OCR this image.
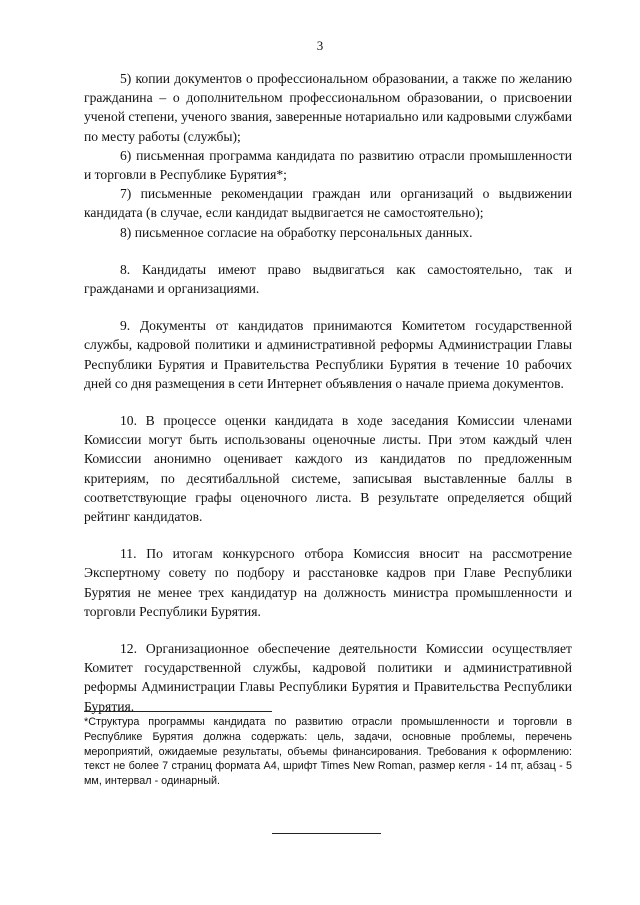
3

5) копии документов о профессиональном образовании, а также по желанию гражданина – о дополнительном профессиональном образовании, о присвоении ученой степени, ученого звания, заверенные нотариально или кадровыми службами по месту работы (службы);

6) письменная программа кандидата по развитию отрасли промышленности и торговли в Республике Бурятия*;

7) письменные рекомендации граждан или организаций о выдвижении кандидата (в случае, если кандидат выдвигается не самостоятельно);

8) письменное согласие на обработку персональных данных.

8. Кандидаты имеют право выдвигаться как самостоятельно, так и гражданами и организациями.

9. Документы от кандидатов принимаются Комитетом государственной службы, кадровой политики и административной реформы Администрации Главы Республики Бурятия и Правительства Республики Бурятия в течение 10 рабочих дней со дня размещения в сети Интернет объявления о начале приема документов.

10. В процессе оценки кандидата в ходе заседания Комиссии членами Комиссии могут быть использованы оценочные листы. При этом каждый член Комиссии анонимно оценивает каждого из кандидатов по предложенным критериям, по десятибалльной системе, записывая выставленные баллы в соответствующие графы оценочного листа. В результате определяется общий рейтинг кандидатов.

11. По итогам конкурсного отбора Комиссия вносит на рассмотрение Экспертному совету по подбору и расстановке кадров при Главе Республики Бурятия не менее трех кандидатур на должность министра промышленности и торговли Республики Бурятия.

12. Организационное обеспечение деятельности Комиссии осуществляет Комитет государственной службы, кадровой политики и административной реформы Администрации Главы Республики Бурятия и Правительства Республики Бурятия.

*Структура программы кандидата по развитию отрасли промышленности и торговли в Республике Бурятия должна содержать: цель, задачи, основные проблемы, перечень мероприятий, ожидаемые результаты, объемы финансирования. Требования к оформлению: текст не более 7 страниц формата А4, шрифт Times New Roman, размер кегля - 14 пт, абзац - 5 мм, интервал - одинарный.
